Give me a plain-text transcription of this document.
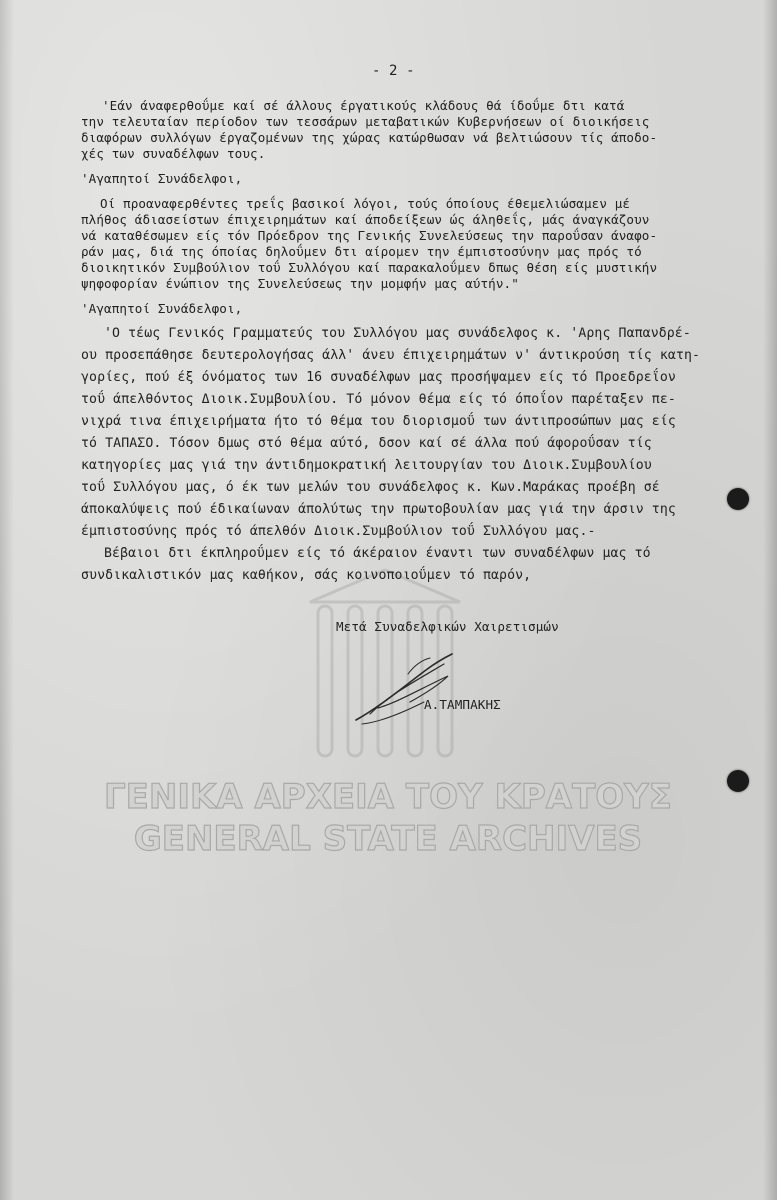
- 2 -
'Εάν άναφερθοΰμε καί σέ άλλους έργατικούς κλάδους θά ίδοΰμε δτι κατά
την τελευταίαν περίοδον των τεσσάρων μεταβατικών Κυβερνήσεων οί διοικήσεις
διαφόρων συλλόγων έργαζομένων της χώρας κατώρθωσαν νά βελτιώσουν τίς άποδο-
χές των συναδέλφων τους.
'Αγαπητοί Συνάδελφοι,
Οί προαναφερθέντες τρεΐς βασικοί λόγοι, τούς όποίους έθεμελιώσαμεν μέ
πλήθος άδιασείστων έπιχειρημάτων καί άποδείξεων ώς άληθεΐς, μάς άναγκάζουν
νά καταθέσωμεν είς τόν Πρόεδρον της Γενικής Συνελεύσεως την παροΰσαν άναφο-
ράν μας, διά της όποίας δηλοΰμεν δτι αίρομεν την έμπιστοσύνην μας πρός τό
διοικητικόν Συμβούλιον τοΰ Συλλόγου καί παρακαλοΰμεν δπως θέση είς μυστικήν
ψηφοφορίαν ένώπιον της Συνελεύσεως την μομφήν μας αύτήν."
'Αγαπητοί Συνάδελφοι,
'Ο τέως Γενικός Γραμματεύς του Συλλόγου μας συνάδελφος κ. 'Αρης Παπανδρέ-
ου προσεπάθησε δευτερολογήσας άλλ' άνευ έπιχειρημάτων ν' άντικρούση τίς κατη-
γορίες, πού έξ όνόματος των 16 συναδέλφων μας προσήψαμεν είς τό Προεδρεΐον
τοΰ άπελθόντος Διοικ.Συμβουλίου. Τό μόνον θέμα είς τό όποΐον παρέταξεν πε-
νιχρά τινα έπιχειρήματα ήτο τό θέμα του διορισμοΰ των άντιπροσώπων μας είς
τό ΤΑΠΑΣΟ. Τόσον δμως στό θέμα αύτό, δσον καί σέ άλλα πού άφοροΰσαν τίς
κατηγορίες μας γιά την άντιδημοκρατική λειτουργίαν του Διοικ.Συμβουλίου
τοΰ Συλλόγου μας, ό έκ των μελών του συνάδελφος κ. Κων.Μαράκας προέβη σέ
άποκαλύψεις πού έδικαίωναν άπολύτως την πρωτοβουλίαν μας γιά την άρσιν της
έμπιστοσύνης πρός τό άπελθόν Διοικ.Συμβούλιον τοΰ Συλλόγου μας.-
Βέβαιοι δτι έκπληροΰμεν είς τό άκέραιον έναντι των συναδέλφων μας τό
συνδικαλιστικόν μας καθήκον, σάς κοινοποιοΰμεν τό παρόν,
Μετά Συναδελφικών Χαιρετισμών
Α.ΤΑΜΠΑΚΗΣ
ΓΕΝΙΚΑ ΑΡΧΕΙΑ ΤΟΥ ΚΡΑΤΟΥΣ
GENERAL STATE ARCHIVES
